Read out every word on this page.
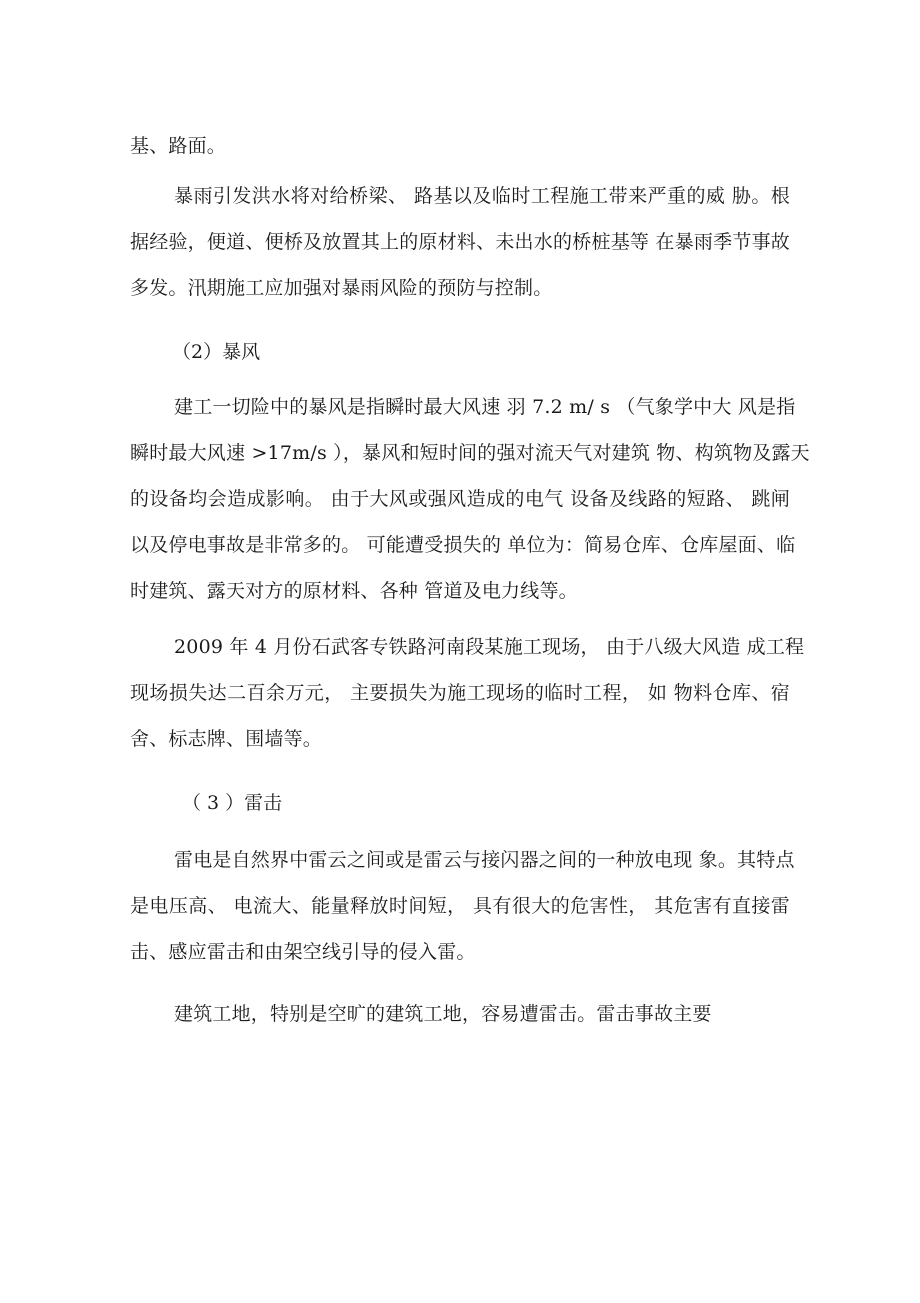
基、路面。
暴雨引发洪水将对给桥梁、 路基以及临时工程施工带来严重的威 胁。根
据经验，便道、便桥及放置其上的原材料、未出水的桥桩基等 在暴雨季节事故
多发。汛期施工应加强对暴雨风险的预防与控制。

（2）暴风

建工一切险中的暴风是指瞬时最大风速 羽 7.2 m/ s （气象学中大 风是指
瞬时最大风速 >17m/s ），暴风和短时间的强对流天气对建筑 物、构筑物及露天
的设备均会造成影响。 由于大风或强风造成的电气 设备及线路的短路、 跳闸
以及停电事故是非常多的。 可能遭受损失的 单位为：简易仓库、仓库屋面、临
时建筑、露天对方的原材料、各种 管道及电力线等。
2009 年 4 月份石武客专铁路河南段某施工现场， 由于八级大风造 成工程
现场损失达二百余万元， 主要损失为施工现场的临时工程， 如 物料仓库、宿
舍、标志牌、围墙等。

（ 3 ）雷击

雷电是自然界中雷云之间或是雷云与接闪器之间的一种放电现 象。其特点
是电压高、 电流大、能量释放时间短， 具有很大的危害性， 其危害有直接雷
击、感应雷击和由架空线引导的侵入雷。
建筑工地，特别是空旷的建筑工地，容易遭雷击。雷击事故主要
